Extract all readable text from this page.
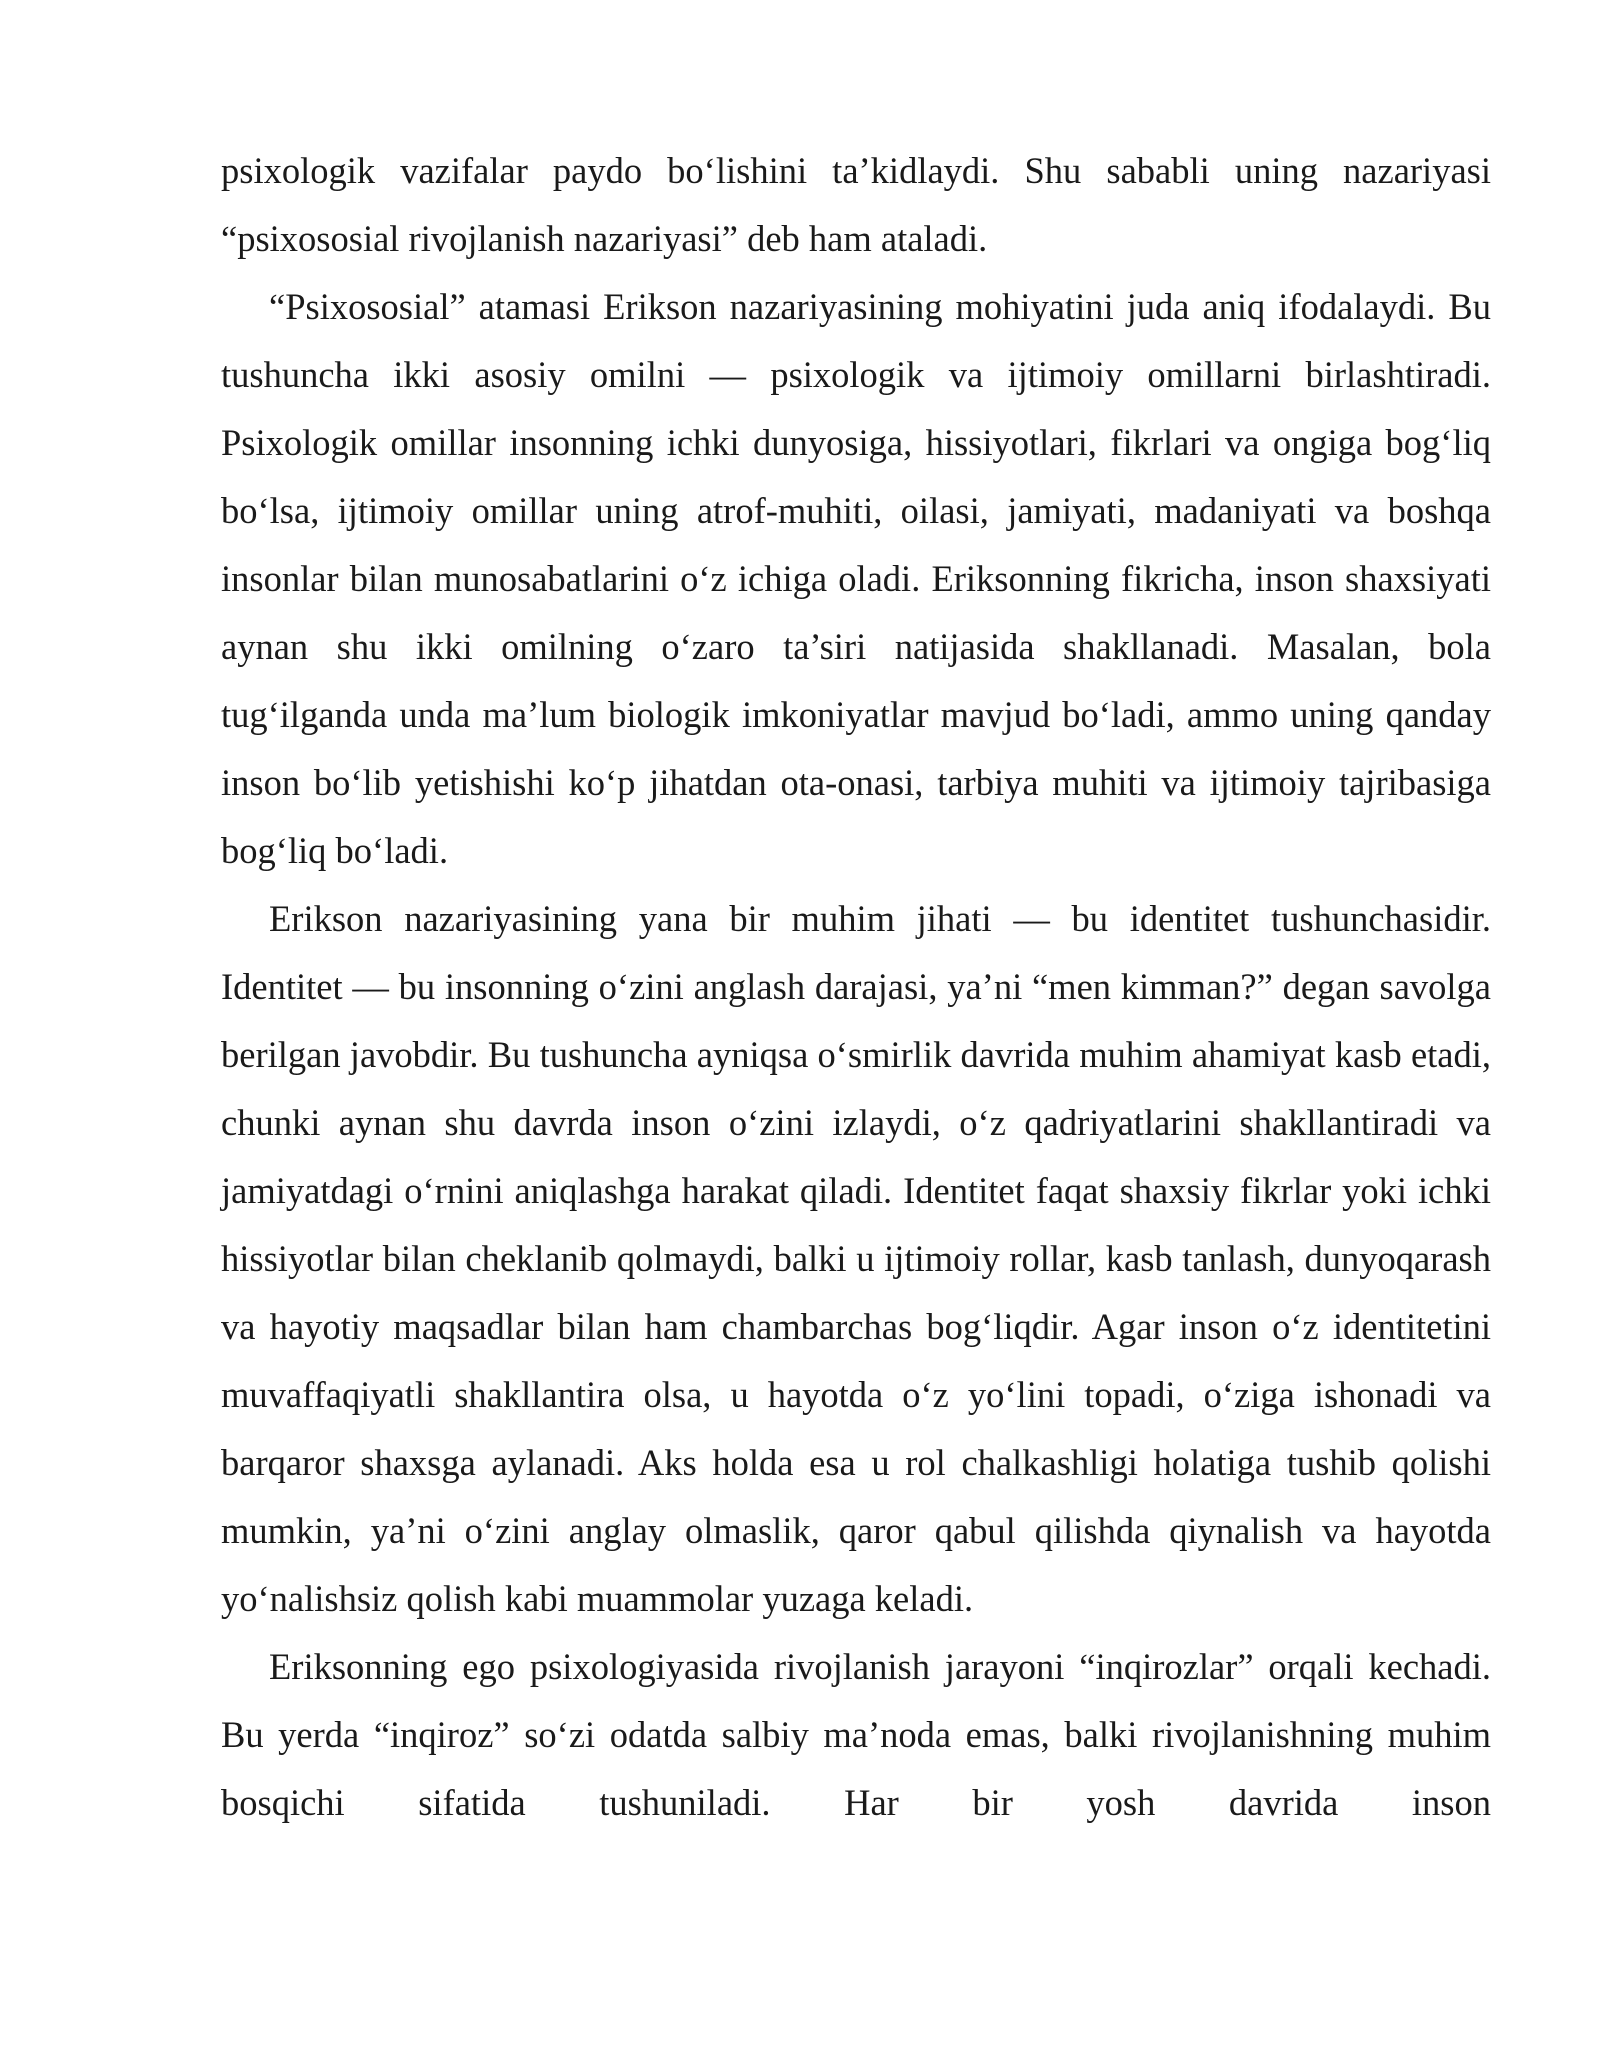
psixologik vazifalar paydo bo‘lishini ta’kidlaydi. Shu sababli uning nazariyasi “psixososial rivojlanish nazariyasi” deb ham ataladi.

“Psixososial” atamasi Erikson nazariyasining mohiyatini juda aniq ifodalaydi. Bu tushuncha ikki asosiy omilni — psixologik va ijtimoiy omillarni birlashtiradi. Psixologik omillar insonning ichki dunyosiga, hissiyotlari, fikrlari va ongiga bog‘liq bo‘lsa, ijtimoiy omillar uning atrof-muhiti, oilasi, jamiyati, madaniyati va boshqa insonlar bilan munosabatlarini o‘z ichiga oladi. Eriksonning fikricha, inson shaxsiyati aynan shu ikki omilning o‘zaro ta’siri natijasida shakllanadi. Masalan, bola tug‘ilganda unda ma’lum biologik imkoniyatlar mavjud bo‘ladi, ammo uning qanday inson bo‘lib yetishishi ko‘p jihatdan ota-onasi, tarbiya muhiti va ijtimoiy tajribasiga bog‘liq bo‘ladi.

Erikson nazariyasining yana bir muhim jihati — bu identitet tushunchasidir. Identitet — bu insonning o‘zini anglash darajasi, ya’ni “men kimman?” degan savolga berilgan javobdir. Bu tushuncha ayniqsa o‘smirlik davrida muhim ahamiyat kasb etadi, chunki aynan shu davrda inson o‘zini izlaydi, o‘z qadriyatlarini shakllantiradi va jamiyatdagi o‘rnini aniqlashga harakat qiladi. Identitet faqat shaxsiy fikrlar yoki ichki hissiyotlar bilan cheklanib qolmaydi, balki u ijtimoiy rollar, kasb tanlash, dunyoqarash va hayotiy maqsadlar bilan ham chambarchas bog‘liqdir. Agar inson o‘z identitetini muvaffaqiyatli shakllantira olsa, u hayotda o‘z yo‘lini topadi, o‘ziga ishonadi va barqaror shaxsga aylanadi. Aks holda esa u rol chalkashligi holatiga tushib qolishi mumkin, ya’ni o‘zini anglay olmaslik, qaror qabul qilishda qiynalish va hayotda yo‘nalishsiz qolish kabi muammolar yuzaga keladi.

Eriksonning ego psixologiyasida rivojlanish jarayoni “inqirozlar” orqali kechadi. Bu yerda “inqiroz” so‘zi odatda salbiy ma’noda emas, balki rivojlanishning muhim bosqichi sifatida tushuniladi. Har bir yosh davrida inson
